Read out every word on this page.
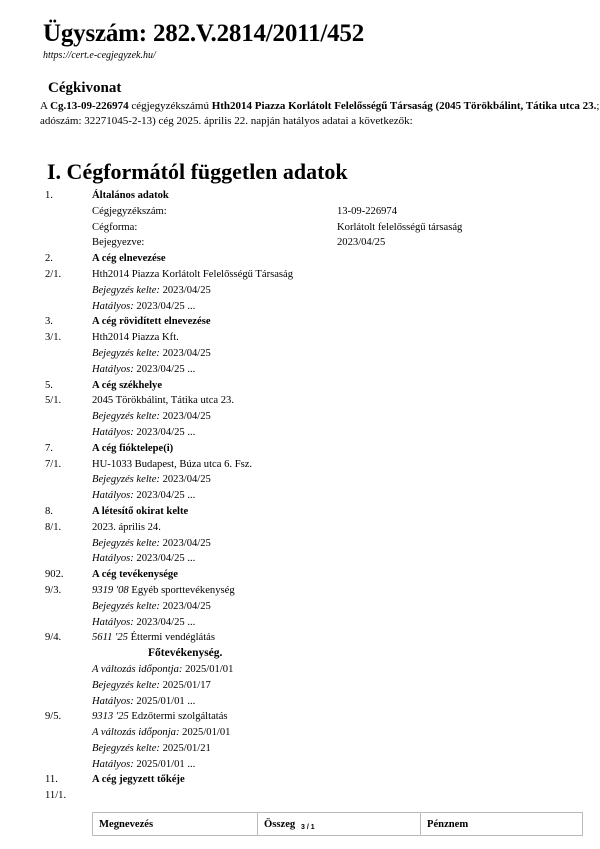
Ügyszám: 282.V.2814/2011/452
https://cert.e-cegjegyzek.hu/
Cégkivonat
A Cg.13-09-226974 cégjegyzékszámú Hth2014 Piazza Korlátolt Felelősségű Társaság (2045 Törökbálint, Tátika utca 23.; adószám: 32271045-2-13) cég 2025. április 22. napján hatályos adatai a következők:
I. Cégformától független adatok
1.	Általános adatok
Cégjegyzékszám:	13-09-226974
Cégforma:	Korlátolt felelősségű társaság
Bejegyezve:	2023/04/25
2.	A cég elnevezése
2/1.	Hth2014 Piazza Korlátolt Felelősségű Társaság
Bejegyzés kelte: 2023/04/25
Hatályos: 2023/04/25 ...
3.	A cég rövidített elnevezése
3/1.	Hth2014 Piazza Kft.
Bejegyzés kelte: 2023/04/25
Hatályos: 2023/04/25 ...
5.	A cég székhelye
5/1.	2045 Törökbálint, Tátika utca 23.
Bejegyzés kelte: 2023/04/25
Hatályos: 2023/04/25 ...
7.	A cég fióktelepe(i)
7/1.	HU-1033 Budapest, Búza utca 6. Fsz.
Bejegyzés kelte: 2023/04/25
Hatályos: 2023/04/25 ...
8.	A létesítő okirat kelte
8/1.	2023. április 24.
Bejegyzés kelte: 2023/04/25
Hatályos: 2023/04/25 ...
902.	A cég tevékenysége
9/3.	9319 '08 Egyéb sporttevékenység
Bejegyzés kelte: 2023/04/25
Hatályos: 2023/04/25 ...
9/4.	5611 '25 Éttermi vendéglátás
Főtevékenység.
A változás időpontja: 2025/01/01
Bejegyzés kelte: 2025/01/17
Hatályos: 2025/01/01 ...
9/5.	9313 '25 Edzőtermi szolgáltatás
A változás időponja: 2025/01/01
Bejegyzés kelte: 2025/01/21
Hatályos: 2025/01/01 ...
11.	A cég jegyzett tőkéje
11/1.
Megnevezés	Összeg	Pénznem
3 / 1
